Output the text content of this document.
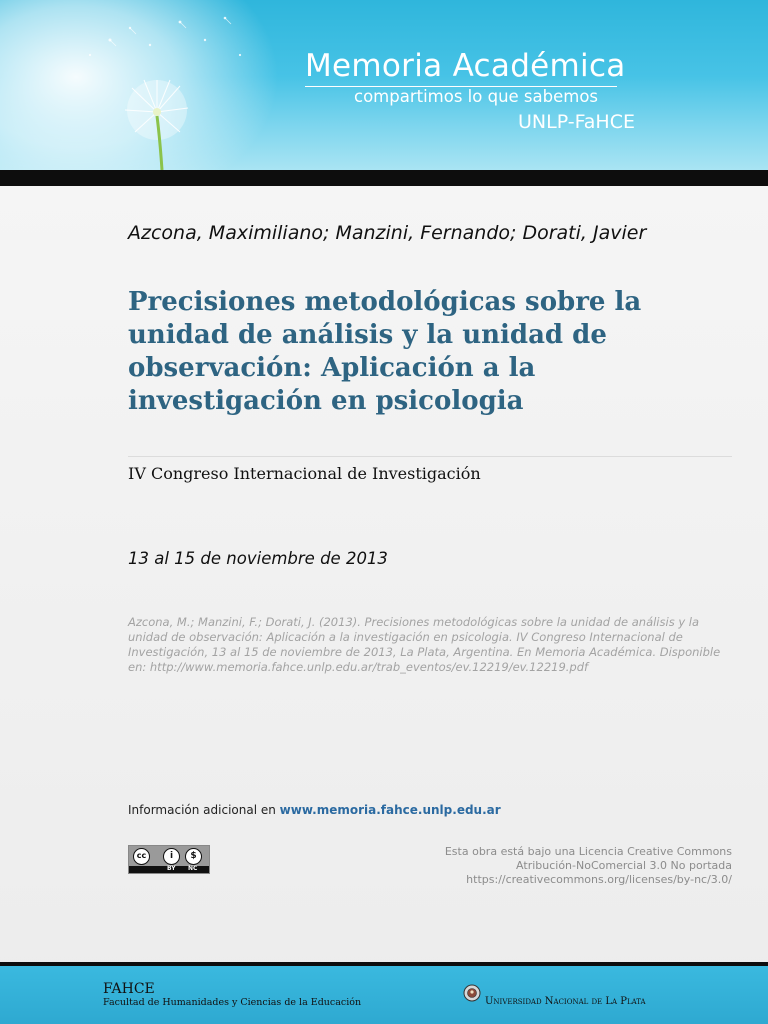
Memoria Académica
compartimos lo que sabemos
UNLP-FaHCE
Azcona, Maximiliano; Manzini, Fernando; Dorati, Javier
Precisiones metodológicas sobre la unidad de análisis y la unidad de observación: Aplicación a la investigación en psicologia
IV Congreso Internacional de Investigación
13 al 15 de noviembre de 2013
Azcona, M.; Manzini, F.; Dorati, J. (2013). Precisiones metodológicas sobre la unidad de análisis y la unidad de observación: Aplicación a la investigación en psicologia. IV Congreso Internacional de Investigación, 13 al 15 de noviembre de 2013, La Plata, Argentina. En Memoria Académica. Disponible en: http://www.memoria.fahce.unlp.edu.ar/trab_eventos/ev.12219/ev.12219.pdf
Información adicional en www.memoria.fahce.unlp.edu.ar
cc	i	$
BY NC
Esta obra está bajo una Licencia Creative Commons
Atribución-NoComercial 3.0 No portada
https://creativecommons.org/licenses/by-nc/3.0/
FAHCE
Facultad de Humanidades y Ciencias de la Educación	Universidad Nacional de La Plata
